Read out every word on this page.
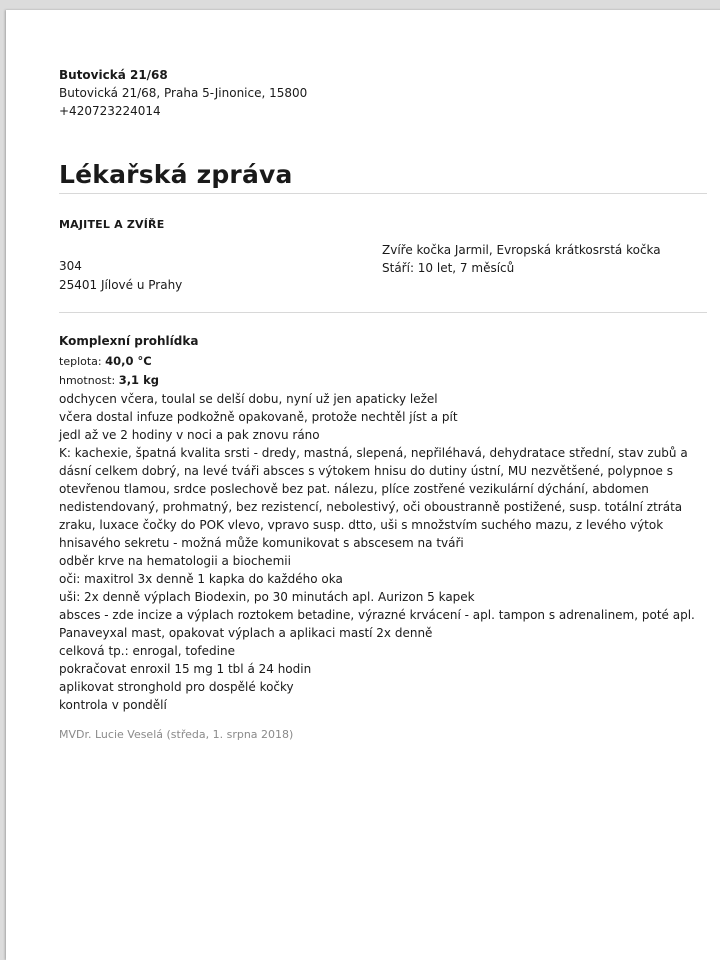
Butovická 21/68
Butovická 21/68, Praha 5-Jinonice, 15800
+420723224014
Lékařská zpráva
MAJITEL A ZVÍŘE
304
25401 Jílové u Prahy
Zvíře kočka Jarmil, Evropská krátkosrstá kočka
Stáří: 10 let, 7 měsíců
Komplexní prohlídka
teplota: 40,0 °C
hmotnost: 3,1 kg
odchycen včera, toulal se delší dobu, nyní už jen apaticky ležel
včera dostal infuze podkožně opakovaně, protože nechtěl jíst a pít
jedl až ve 2 hodiny v noci a pak znovu ráno
K: kachexie, špatná kvalita srsti - dredy, mastná, slepená, nepřiléhavá, dehydratace střední, stav zubů a dásní celkem dobrý, na levé tváři absces s výtokem hnisu do dutiny ústní, MU nezvětšené, polypnoe s otevřenou tlamou, srdce poslechově bez pat. nálezu, plíce zostřené vezikulární dýchání, abdomen nedistendovaný, prohmatný, bez rezistencí, nebolestivý, oči oboustranně postižené, susp. totální ztráta zraku, luxace čočky do POK vlevo, vpravo susp. dtto, uši s množstvím suchého mazu, z levého výtok hnisavého sekretu - možná může komunikovat s abscesem na tváři
odběr krve na hematologii a biochemii
oči: maxitrol 3x denně 1 kapka do každého oka
uši: 2x denně výplach Biodexin, po 30 minutách apl. Aurizon 5 kapek
absces - zde incize a výplach roztokem betadine, výrazné krvácení - apl. tampon s adrenalinem, poté apl. Panaveyxal mast, opakovat výplach a aplikaci mastí 2x denně
celková tp.: enrogal, tofedine
pokračovat enroxil 15 mg 1 tbl á 24 hodin
aplikovat stronghold pro dospělé kočky
kontrola v pondělí
MVDr. Lucie Veselá (středa, 1. srpna 2018)
